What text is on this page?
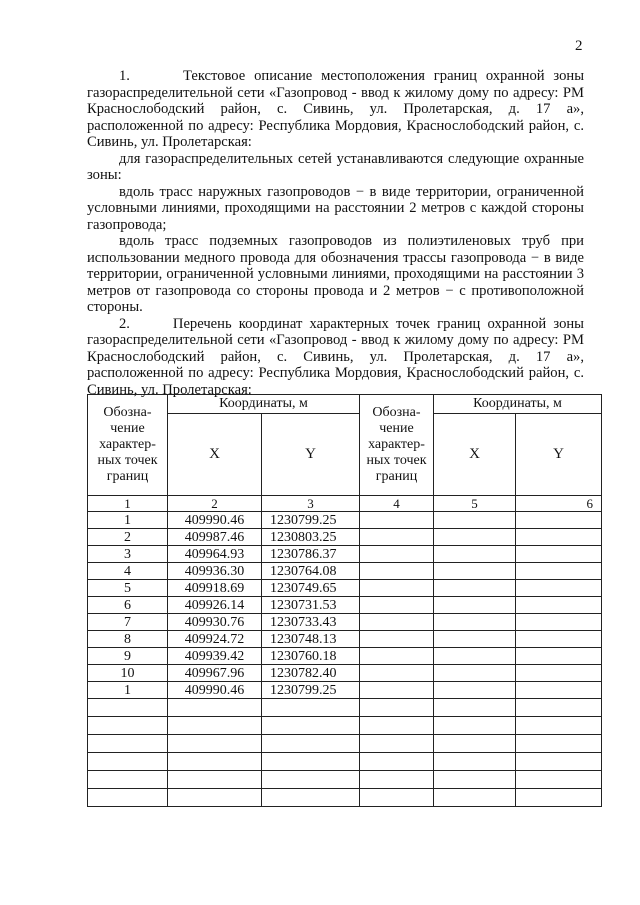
2

1.      Текстовое описание местоположения границ охранной зоны газораспределительной сети «Газопровод - ввод к жилому дому по адресу: РМ Краснослободский район, с. Сивинь, ул. Пролетарская, д. 17 а», расположенной по адресу: Республика Мордовия, Краснослободский район, с. Сивинь, ул. Пролетарская:

для газораспределительных сетей устанавливаются следующие охранные зоны:

вдоль трасс наружных газопроводов − в виде территории, ограниченной условными линиями, проходящими на расстоянии 2 метров с каждой стороны газопровода;

вдоль трасс подземных газопроводов из полиэтиленовых труб при использовании медного провода для обозначения трассы газопровода − в виде территории, ограниченной условными линиями, проходящими на расстоянии 3 метров от газопровода со стороны провода и 2 метров − с противоположной стороны.

2.      Перечень координат характерных точек границ охранной зоны газораспределительной сети «Газопровод - ввод к жилому дому по адресу: РМ Краснослободский район, с. Сивинь, ул. Пролетарская, д. 17 а», расположенной по адресу: Республика Мордовия, Краснослободский район, с. Сивинь, ул. Пролетарская:

Обозна-чение характер-ных точек границ	Координаты, м		Обозна-чение характер-ных точек границ	Координаты, м	
	X	Y		X	Y
1	2	3	4	5	6
1	409990.46	1230799.25			
2	409987.46	1230803.25			
3	409964.93	1230786.37			
4	409936.30	1230764.08			
5	409918.69	1230749.65			
6	409926.14	1230731.53			
7	409930.76	1230733.43			
8	409924.72	1230748.13			
9	409939.42	1230760.18			
10	409967.96	1230782.40			
1	409990.46	1230799.25			
